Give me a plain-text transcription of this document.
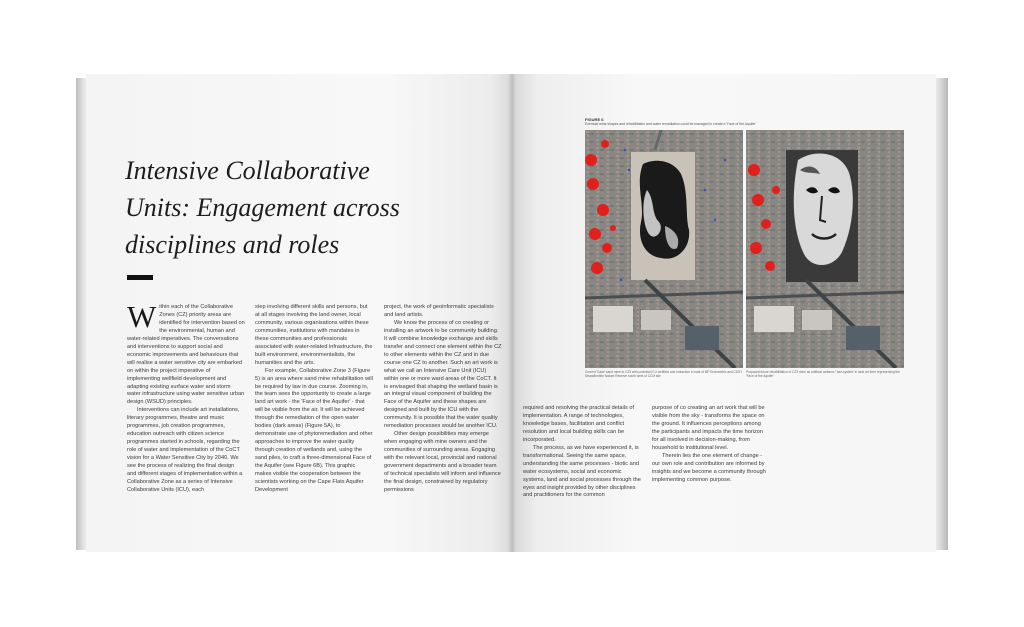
Intensive Collaborative Units: Engagement across disciplines and roles
W ithin each of the Collaborative Zones (CZ) priority areas are identified for intervention based on the environmental, human and water-related imperatives. The conversations and interventions to support social and economic improvements and behaviours that will realise a water sensitive city are embarked on within the project imperative of implementing wellfield development and adapting existing surface water and storm water infrastructure using water sensitive urban design (WSUD) principles.

Interventions can include art installations, literary programmes, theatre and music programmes, job creation programmes, education outreach with citizen science programmes started in schools, regarding the role of water and implementation of the CoCT vision for a Water Sensitive City by 2040. We see the process of realizing the final design and different stages of implementation within a Collaborative Zone as a series of Intensive Collaborative Units (ICU), each

step involving different skills and persons, but at all stages involving the land owner, local community, various organisations within these communities, institutions with mandates in these communities and professionals associated with water-related infrastructure, the built environment, environmentalists, the humanities and the arts.

For example, Collaborative Zone 3 (Figure 5) is an area where sand mine rehabilitation will be required by law in due course. Zooming in, the team sees the opportunity to create a large land art work - the 'Face of the Aquifer' - that will be visible from the air. It will be achieved through the remediation of the open water bodies (dark areas) (Figure 5A), to demonstrate use of phytoremediation and other approaches to improve the water quality through creation of wetlands and, using the sand piles, to craft a three-dimensional Face of the Aquifer (see Figure 6B). This graphic makes visible the cooperation between the scientists working on the Cape Flats Aquifer Development

project, the work of geoinformatic specialists and land artists.

We know the process of co creating or installing an artwork to be community building. It will combine knowledge exchange and skills transfer and connect one element within the CZ to other elements within the CZ and in due course one CZ to another. Such an art work is what we call an Intensive Care Unit (ICU) within one or more ward areas of the CoCT. It is envisaged that shaping the wetland basin is an integral visual component of building the Face of the Aquifer and these shapes are designed and built by the ICU with the community. It is possible that the water quality remediation processes would be another ICU.

Other design possibilities may emerge when engaging with mine owners and the communities of surrounding areas. Engaging with the relevant local, provincial and national government departments and a broader team of technical specialists will inform and influence the final design, constrained by regulatory permissions

FIGURE 6
Eventual mine shapes and rehabilitation and water remediation could be managed to create a 'Face of the Aquifer'
Current 'Case' sand mine in CZ3 with potential ICU wellfield and extraction in east of MP Endometric and CDSY Strandfontein Nature Reserve south west of CCM site
Proposed future rehabilitation of CZ3 mine as artificial wetland / 'see-system' in land art form representing the 'Face of the Aquifer'

required and resolving the practical details of implementation. A range of technologies, knowledge bases, facilitation and conflict resolution and local building skills can be incorporated.

The process, as we have experienced it, is transformational. Seeing the same space, understanding the same processes - biotic and water ecosystems, social and economic systems, land and social processes through the eyes and insight provided by other disciplines and practitioners for the common

purpose of co creating an art work that will be visible from the sky - transforms the space on the ground. It influences perceptions among the participants and impacts the time horizon for all involved in decision-making, from household to institutional level.

Therein lies the one element of change - our own role and contribution are informed by insights and we become a community through implementing common purpose.
